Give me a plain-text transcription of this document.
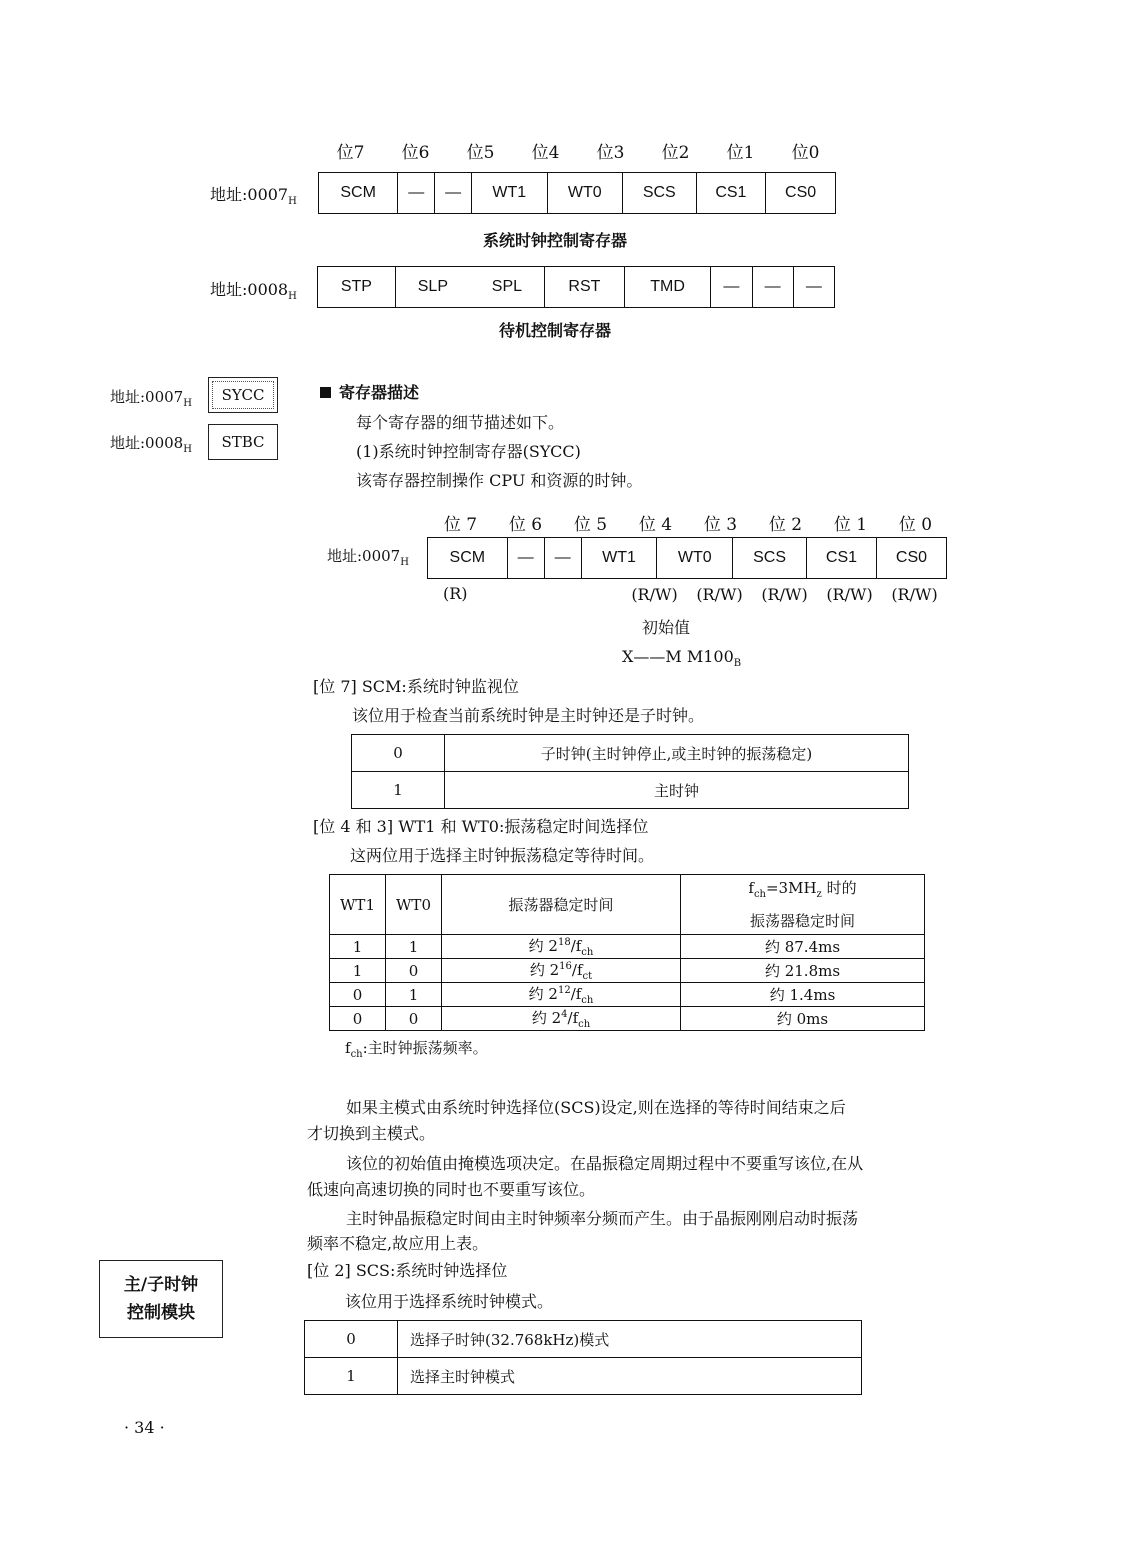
位7	位6	位5	位4	位3	位2	位1	位0
地址$:0007_H$
SCM	—	—	WT1	WT0	SCS	CS1	CS0
系统时钟控制寄存器
地址$:0008_H$
STP	SLP	SPL	RST	TMD	—	—	—
待机控制寄存器
地址$:0007_H$	SYCC
地址$:0008_H$	STBC
寄存器描述
每个寄存器的细节描述如下。
(1)系统时钟控制寄存器(SYCC)
该寄存器控制操作 CPU 和资源的时钟。
位 7	位 6	位 5	位 4	位 3	位 2	位 1	位 0
地址$:0007_H$	SCM	—	—	WT1	WT0	SCS	CS1	CS0
(R)	(R/W)	(R/W)	(R/W)	(R/W)	(R/W)
初始值
X——M $M100_B$
[位 7] SCM:系统时钟监视位
该位用于检查当前系统时钟是主时钟还是子时钟。
0	子时钟(主时钟停止,或主时钟的振荡稳定)
1	主时钟
[位 4 和 3] WT1 和 WT0:振荡稳定时间选择位
这两位用于选择主时钟振荡稳定等待时间。
WT1	WT0	振荡器稳定时间	$f_{ch}=3MH_z$ 时的
振荡器稳定时间
1	1	约 $2^{18}/f_{ch}$	约 87.4ms
1	0	约 $2^{16}/f_{ct}$	约 21.8ms
0	1	约 $2^{12}/f_{ch}$	约 1.4ms
0	0	约 $2^4/f_{ch}$	约 0ms
$f_{ch}$:主时钟振荡频率。
如果主模式由系统时钟选择位(SCS)设定,则在选择的等待时间结束之后
才切换到主模式。
该位的初始值由掩模选项决定。在晶振稳定周期过程中不要重写该位,在从
低速向高速切换的同时也不要重写该位。
主时钟晶振稳定时间由主时钟频率分频而产生。由于晶振刚刚启动时振荡
频率不稳定,故应用上表。
[位 2] SCS:系统时钟选择位
该位用于选择系统时钟模式。
0	选择子时钟(32.768kHz)模式
1	选择主时钟模式
主/子时钟
控制模块
· 34 ·
